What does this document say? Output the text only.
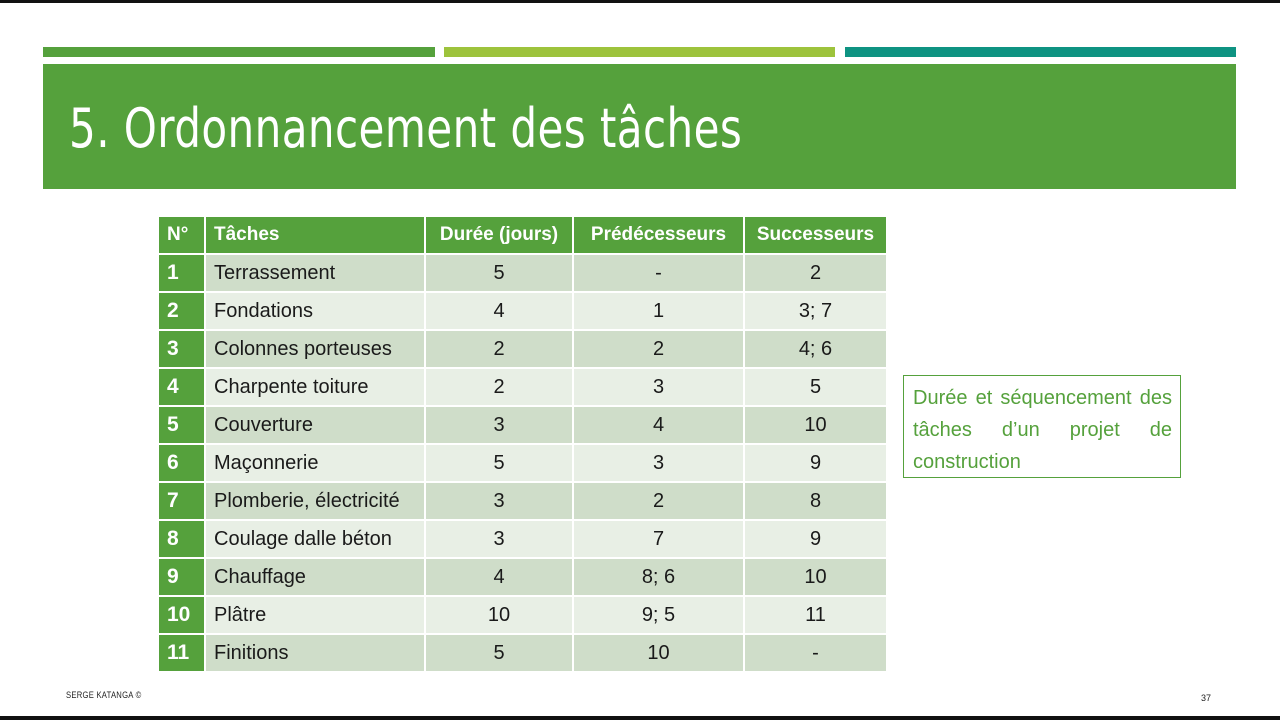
5. Ordonnancement des tâches
N°	Tâches	Durée (jours)	Prédécesseurs	Successeurs
1	Terrassement	5	-	2
2	Fondations	4	1	3; 7
3	Colonnes porteuses	2	2	4; 6
4	Charpente toiture	2	3	5
5	Couverture	3	4	10
6	Maçonnerie	5	3	9
7	Plomberie, électricité	3	2	8
8	Coulage dalle béton	3	7	9
9	Chauffage	4	8; 6	10
10	Plâtre	10	9; 5	11
11	Finitions	5	10	-
Durée et séquencement des tâches d’un projet de construction
SERGE KATANGA ©	37
